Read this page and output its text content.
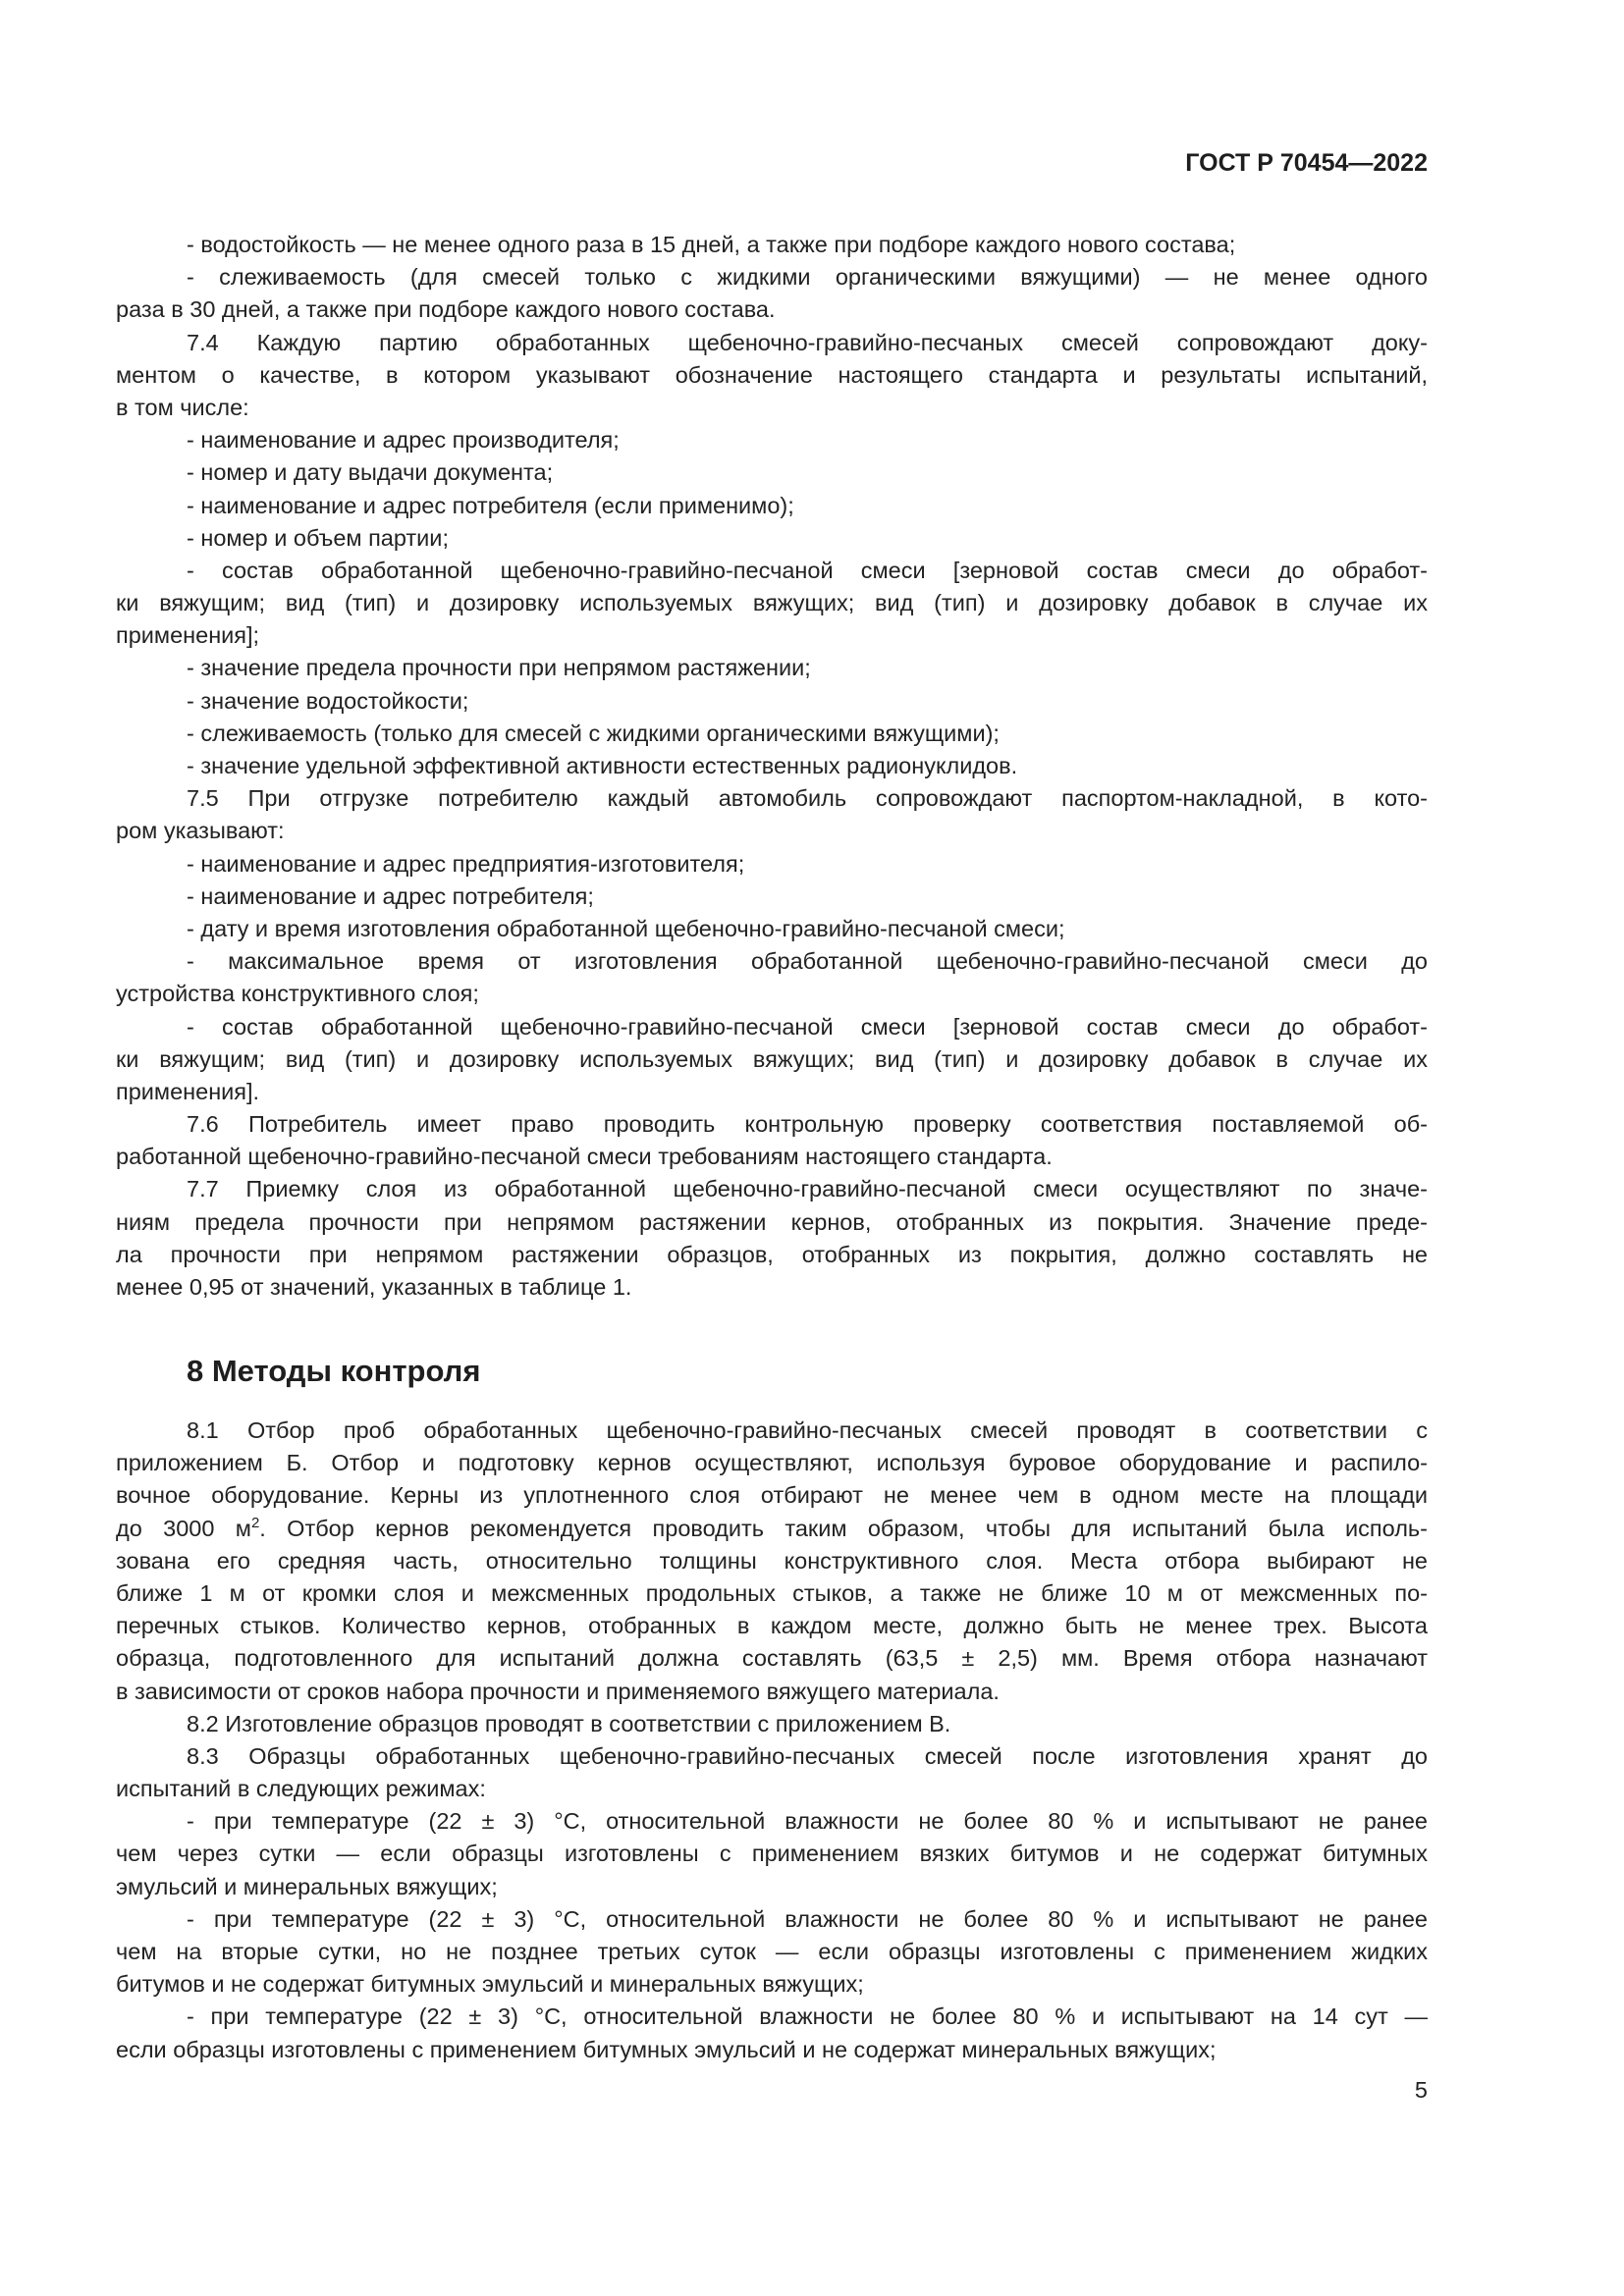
ГОСТ Р 70454—2022
- водостойкость — не менее одного раза в 15 дней, а также при подборе каждого нового состава;
- слеживаемость (для смесей только с жидкими органическими вяжущими) — не менее одного
раза в 30 дней, а также при подборе каждого нового состава.
7.4 Каждую партию обработанных щебеночно-гравийно-песчаных смесей сопровождают доку-
ментом о качестве, в котором указывают обозначение настоящего стандарта и результаты испытаний,
в том числе:
- наименование и адрес производителя;
- номер и дату выдачи документа;
- наименование и адрес потребителя (если применимо);
- номер и объем партии;
- состав обработанной щебеночно-гравийно-песчаной смеси [зерновой состав смеси до обработ-
ки вяжущим; вид (тип) и дозировку используемых вяжущих; вид (тип) и дозировку добавок в случае их
применения];
- значение предела прочности при непрямом растяжении;
- значение водостойкости;
- слеживаемость (только для смесей с жидкими органическими вяжущими);
- значение удельной эффективной активности естественных радионуклидов.
7.5 При отгрузке потребителю каждый автомобиль сопровождают паспортом-накладной, в кото-
ром указывают:
- наименование и адрес предприятия-изготовителя;
- наименование и адрес потребителя;
- дату и время изготовления обработанной щебеночно-гравийно-песчаной смеси;
- максимальное время от изготовления обработанной щебеночно-гравийно-песчаной смеси до
устройства конструктивного слоя;
- состав обработанной щебеночно-гравийно-песчаной смеси [зерновой состав смеси до обработ-
ки вяжущим; вид (тип) и дозировку используемых вяжущих; вид (тип) и дозировку добавок в случае их
применения].
7.6 Потребитель имеет право проводить контрольную проверку соответствия поставляемой об-
работанной щебеночно-гравийно-песчаной смеси требованиям настоящего стандарта.
7.7 Приемку слоя из обработанной щебеночно-гравийно-песчаной смеси осуществляют по значе-
ниям предела прочности при непрямом растяжении кернов, отобранных из покрытия. Значение преде-
ла прочности при непрямом растяжении образцов, отобранных из покрытия, должно составлять не
менее 0,95 от значений, указанных в таблице 1.
8 Методы контроля
8.1 Отбор проб обработанных щебеночно-гравийно-песчаных смесей проводят в соответствии с
приложением Б. Отбор и подготовку кернов осуществляют, используя буровое оборудование и распило-
вочное оборудование. Керны из уплотненного слоя отбирают не менее чем в одном месте на площади
до 3000 $м^2$. Отбор кернов рекомендуется проводить таким образом, чтобы для испытаний была исполь-
зована его средняя часть, относительно толщины конструктивного слоя. Места отбора выбирают не
ближе 1 м от кромки слоя и межсменных продольных стыков, а также не ближе 10 м от межсменных по-
перечных стыков. Количество кернов, отобранных в каждом месте, должно быть не менее трех. Высота
образца, подготовленного для испытаний должна составлять (63,5 ± 2,5) мм. Время отбора назначают
в зависимости от сроков набора прочности и применяемого вяжущего материала.
8.2 Изготовление образцов проводят в соответствии с приложением В.
8.3 Образцы обработанных щебеночно-гравийно-песчаных смесей после изготовления хранят до
испытаний в следующих режимах:
- при температуре (22 ± 3) °С, относительной влажности не более 80 % и испытывают не ранее
чем через сутки — если образцы изготовлены с применением вязких битумов и не содержат битумных
эмульсий и минеральных вяжущих;
- при температуре (22 ± 3) °С, относительной влажности не более 80 % и испытывают не ранее
чем на вторые сутки, но не позднее третьих суток — если образцы изготовлены с применением жидких
битумов и не содержат битумных эмульсий и минеральных вяжущих;
- при температуре (22 ± 3) °С, относительной влажности не более 80 % и испытывают на 14 сут —
если образцы изготовлены с применением битумных эмульсий и не содержат минеральных вяжущих;
5
